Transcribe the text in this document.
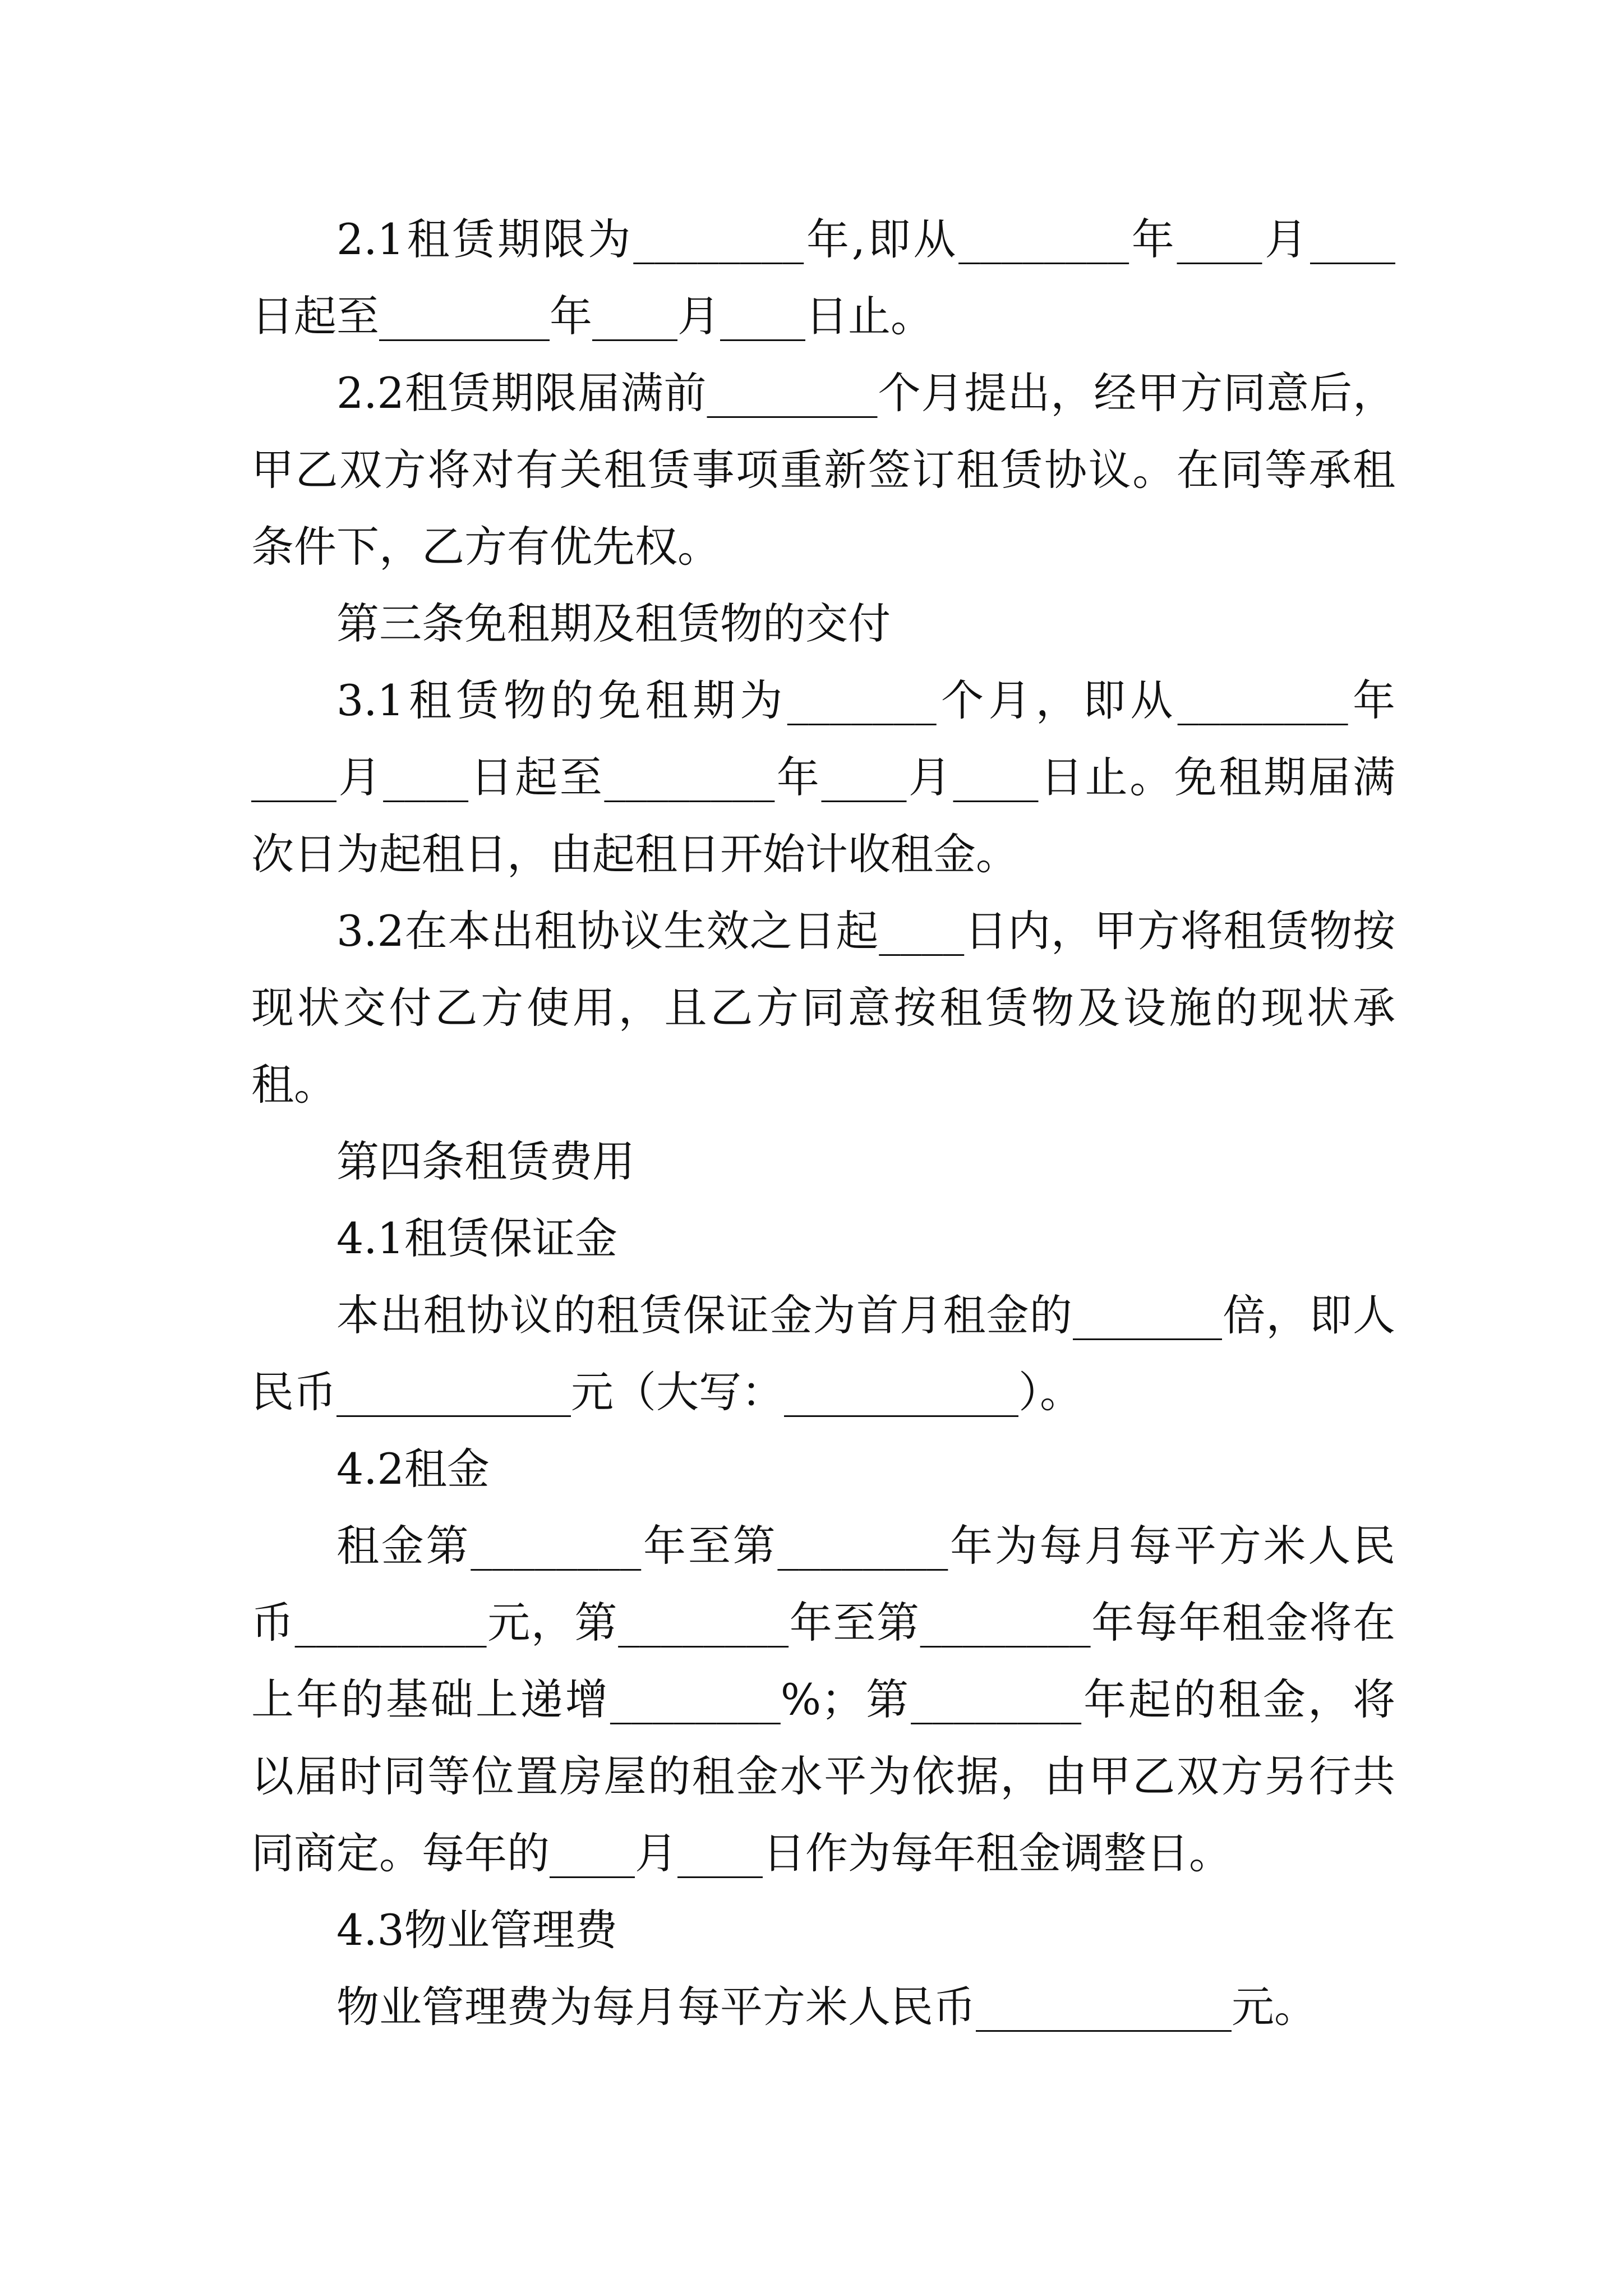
2.1租赁期限为________年,即从________年____月____日起至________年____月____日止。

2.2租赁期限届满前________个月提出，经甲方同意后，甲乙双方将对有关租赁事项重新签订租赁协议。在同等承租条件下，乙方有优先权。

第三条免租期及租赁物的交付

3.1租赁物的免租期为_______个月，即从________年____月____日起至________年____月____日止。免租期届满次日为起租日，由起租日开始计收租金。

3.2在本出租协议生效之日起____日内，甲方将租赁物按现状交付乙方使用，且乙方同意按租赁物及设施的现状承租。

第四条租赁费用

4.1租赁保证金

本出租协议的租赁保证金为首月租金的_______倍，即人民币___________元（大写：___________）。

4.2租金

租金第________年至第________年为每月每平方米人民币_________元，第________年至第________年每年租金将在上年的基础上递增________%；第________年起的租金，将以届时同等位置房屋的租金水平为依据，由甲乙双方另行共同商定。每年的____月____日作为每年租金调整日。

4.3物业管理费

物业管理费为每月每平方米人民币____________元。
